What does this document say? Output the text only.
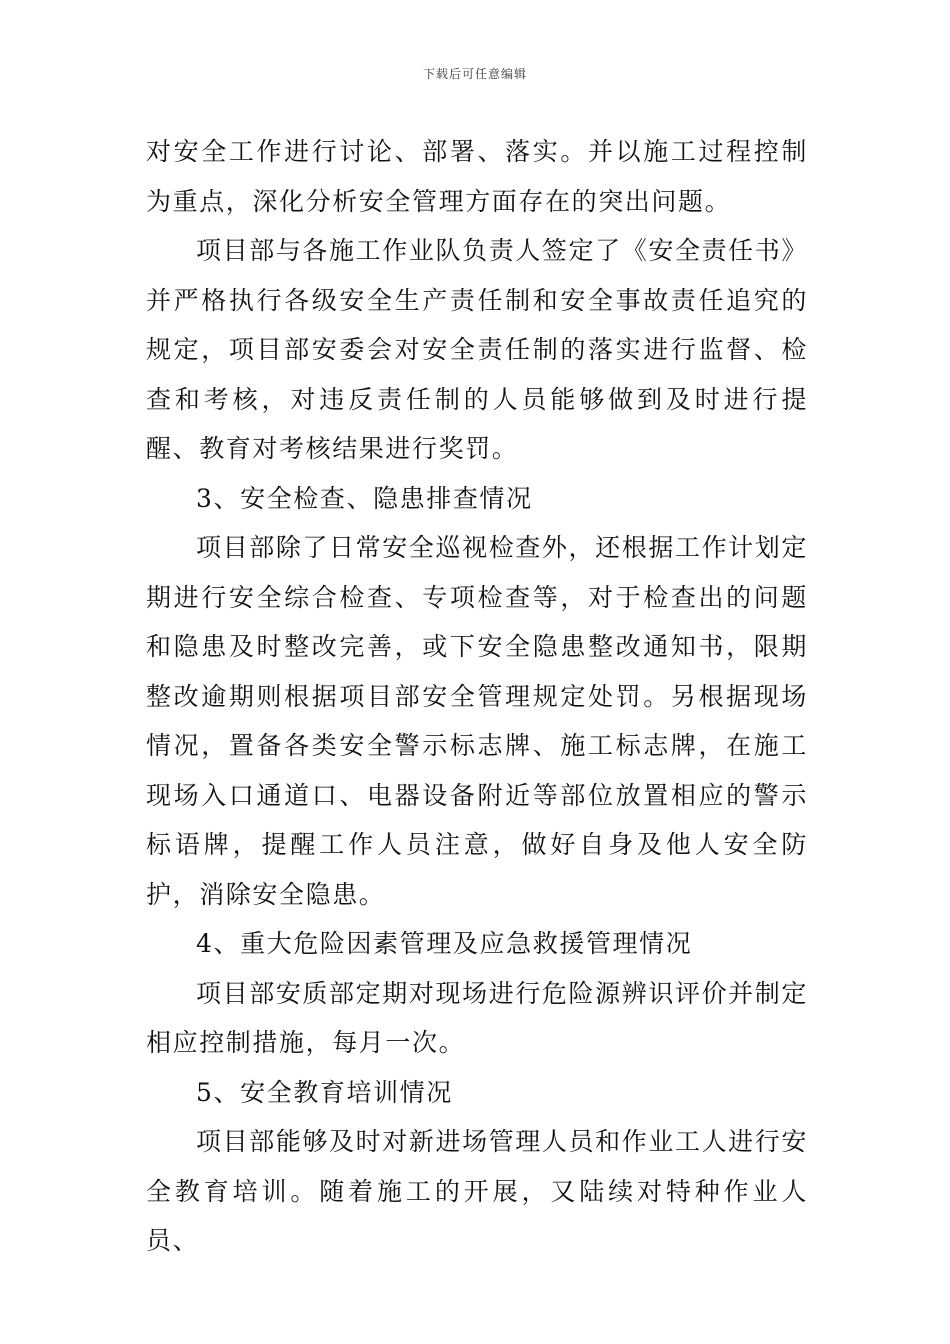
下载后可任意编辑

对安全工作进行讨论、部署、落实。并以施工过程控制为重点，深化分析安全管理方面存在的突出问题。

项目部与各施工作业队负责人签定了《安全责任书》并严格执行各级安全生产责任制和安全事故责任追究的规定，项目部安委会对安全责任制的落实进行监督、检查和考核，对违反责任制的人员能够做到及时进行提醒、教育对考核结果进行奖罚。

3、安全检查、隐患排查情况

项目部除了日常安全巡视检查外，还根据工作计划定期进行安全综合检查、专项检查等，对于检查出的问题和隐患及时整改完善，或下安全隐患整改通知书，限期整改逾期则根据项目部安全管理规定处罚。另根据现场情况，置备各类安全警示标志牌、施工标志牌，在施工现场入口通道口、电器设备附近等部位放置相应的警示标语牌，提醒工作人员注意，做好自身及他人安全防护，消除安全隐患。

4、重大危险因素管理及应急救援管理情况

项目部安质部定期对现场进行危险源辨识评价并制定相应控制措施，每月一次。

5、安全教育培训情况

项目部能够及时对新进场管理人员和作业工人进行安全教育培训。随着施工的开展，又陆续对特种作业人员、
